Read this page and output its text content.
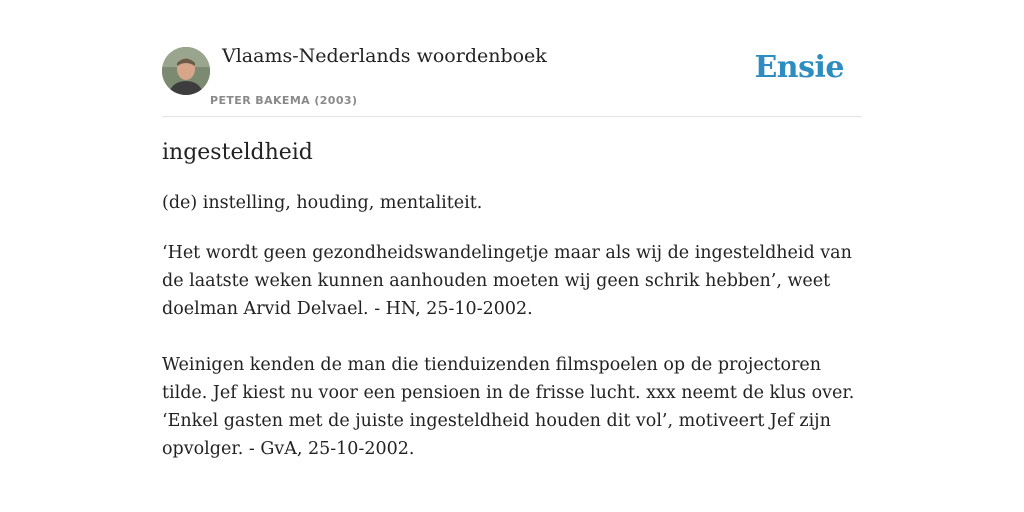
Vlaams-Nederlands woordenboek
PETER BAKEMA (2003)
Ensie
ingesteldheid
(de) instelling, houding, mentaliteit.

‘Het wordt geen gezondheidswandelingetje maar als wij de ingesteldheid van de laatste weken kunnen aanhouden moeten wij geen schrik hebben’, weet doelman Arvid Delvael. - HN, 25-10-2002.

Weinigen kenden de man die tienduizenden filmspoelen op de projectoren tilde. Jef kiest nu voor een pensioen in de frisse lucht. xxx neemt de klus over. ‘Enkel gasten met de juiste ingesteldheid houden dit vol’, motiveert Jef zijn opvolger. - GvA, 25-10-2002.
